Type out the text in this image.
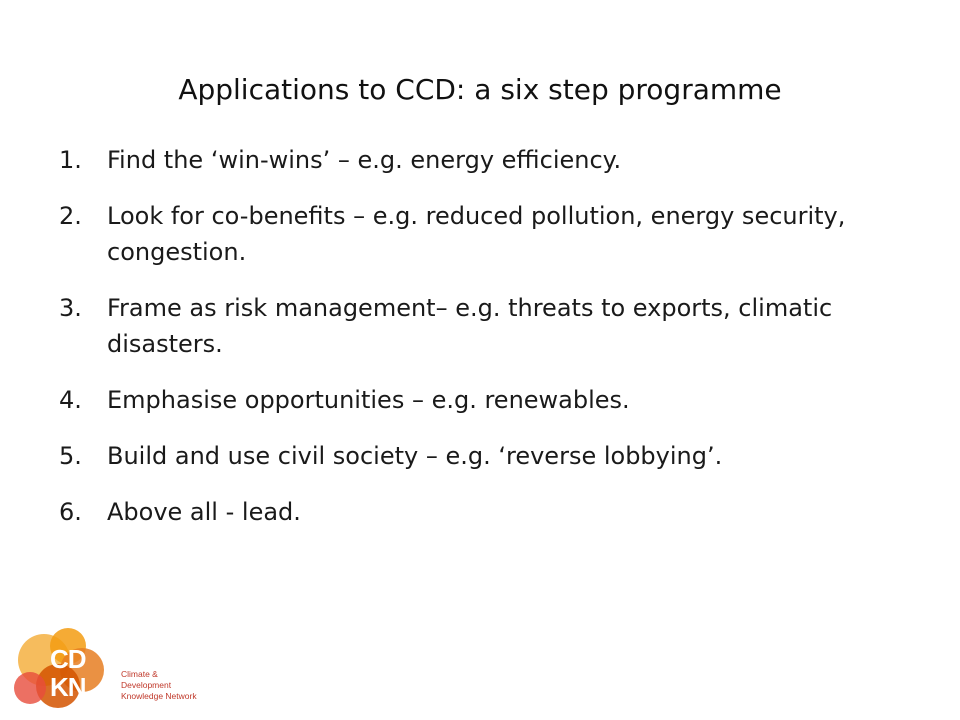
Applications to CCD: a six step programme
1. Find the ‘win-wins’ – e.g. energy efficiency.
2. Look for co-benefits – e.g. reduced pollution, energy security, congestion.
3. Frame as risk management– e.g. threats to exports, climatic disasters.
4. Emphasise opportunities – e.g. renewables.
5. Build and use civil society – e.g. ‘reverse lobbying’.
6. Above all - lead.
CD
KN	Climate & Development
Knowledge Network
